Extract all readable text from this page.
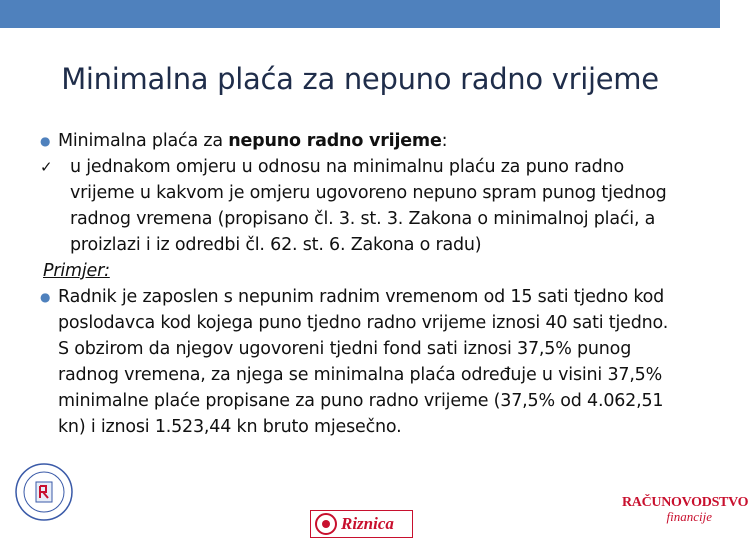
Minimalna plaća za nepuno radno vrijeme
● Minimalna plaća za nepuno radno vrijeme:
✓ u jednakom omjeru u odnosu na minimalnu plaću za puno radno vrijeme u kakvom je omjeru ugovoreno nepuno spram punog tjednog radnog vremena (propisano čl. 3. st. 3. Zakona o minimalnoj plaći, a proizlazi i iz odredbi čl. 62. st. 6. Zakona o radu)
Primjer:
● Radnik je zaposlen s nepunim radnim vremenom od 15 sati tjedno kod poslodavca kod kojega puno tjedno radno vrijeme iznosi 40 sati tjedno. S obzirom da njegov ugovoreni tjedni fond sati iznosi 37,5% punog radnog vremena, za njega se minimalna plaća određuje u visini 37,5% minimalne plaće propisane za puno radno vrijeme (37,5% od 4.062,51 kn) i iznosi 1.523,44 kn bruto mjesečno.
Riznica
RAČUNOVODSTVO
financije
